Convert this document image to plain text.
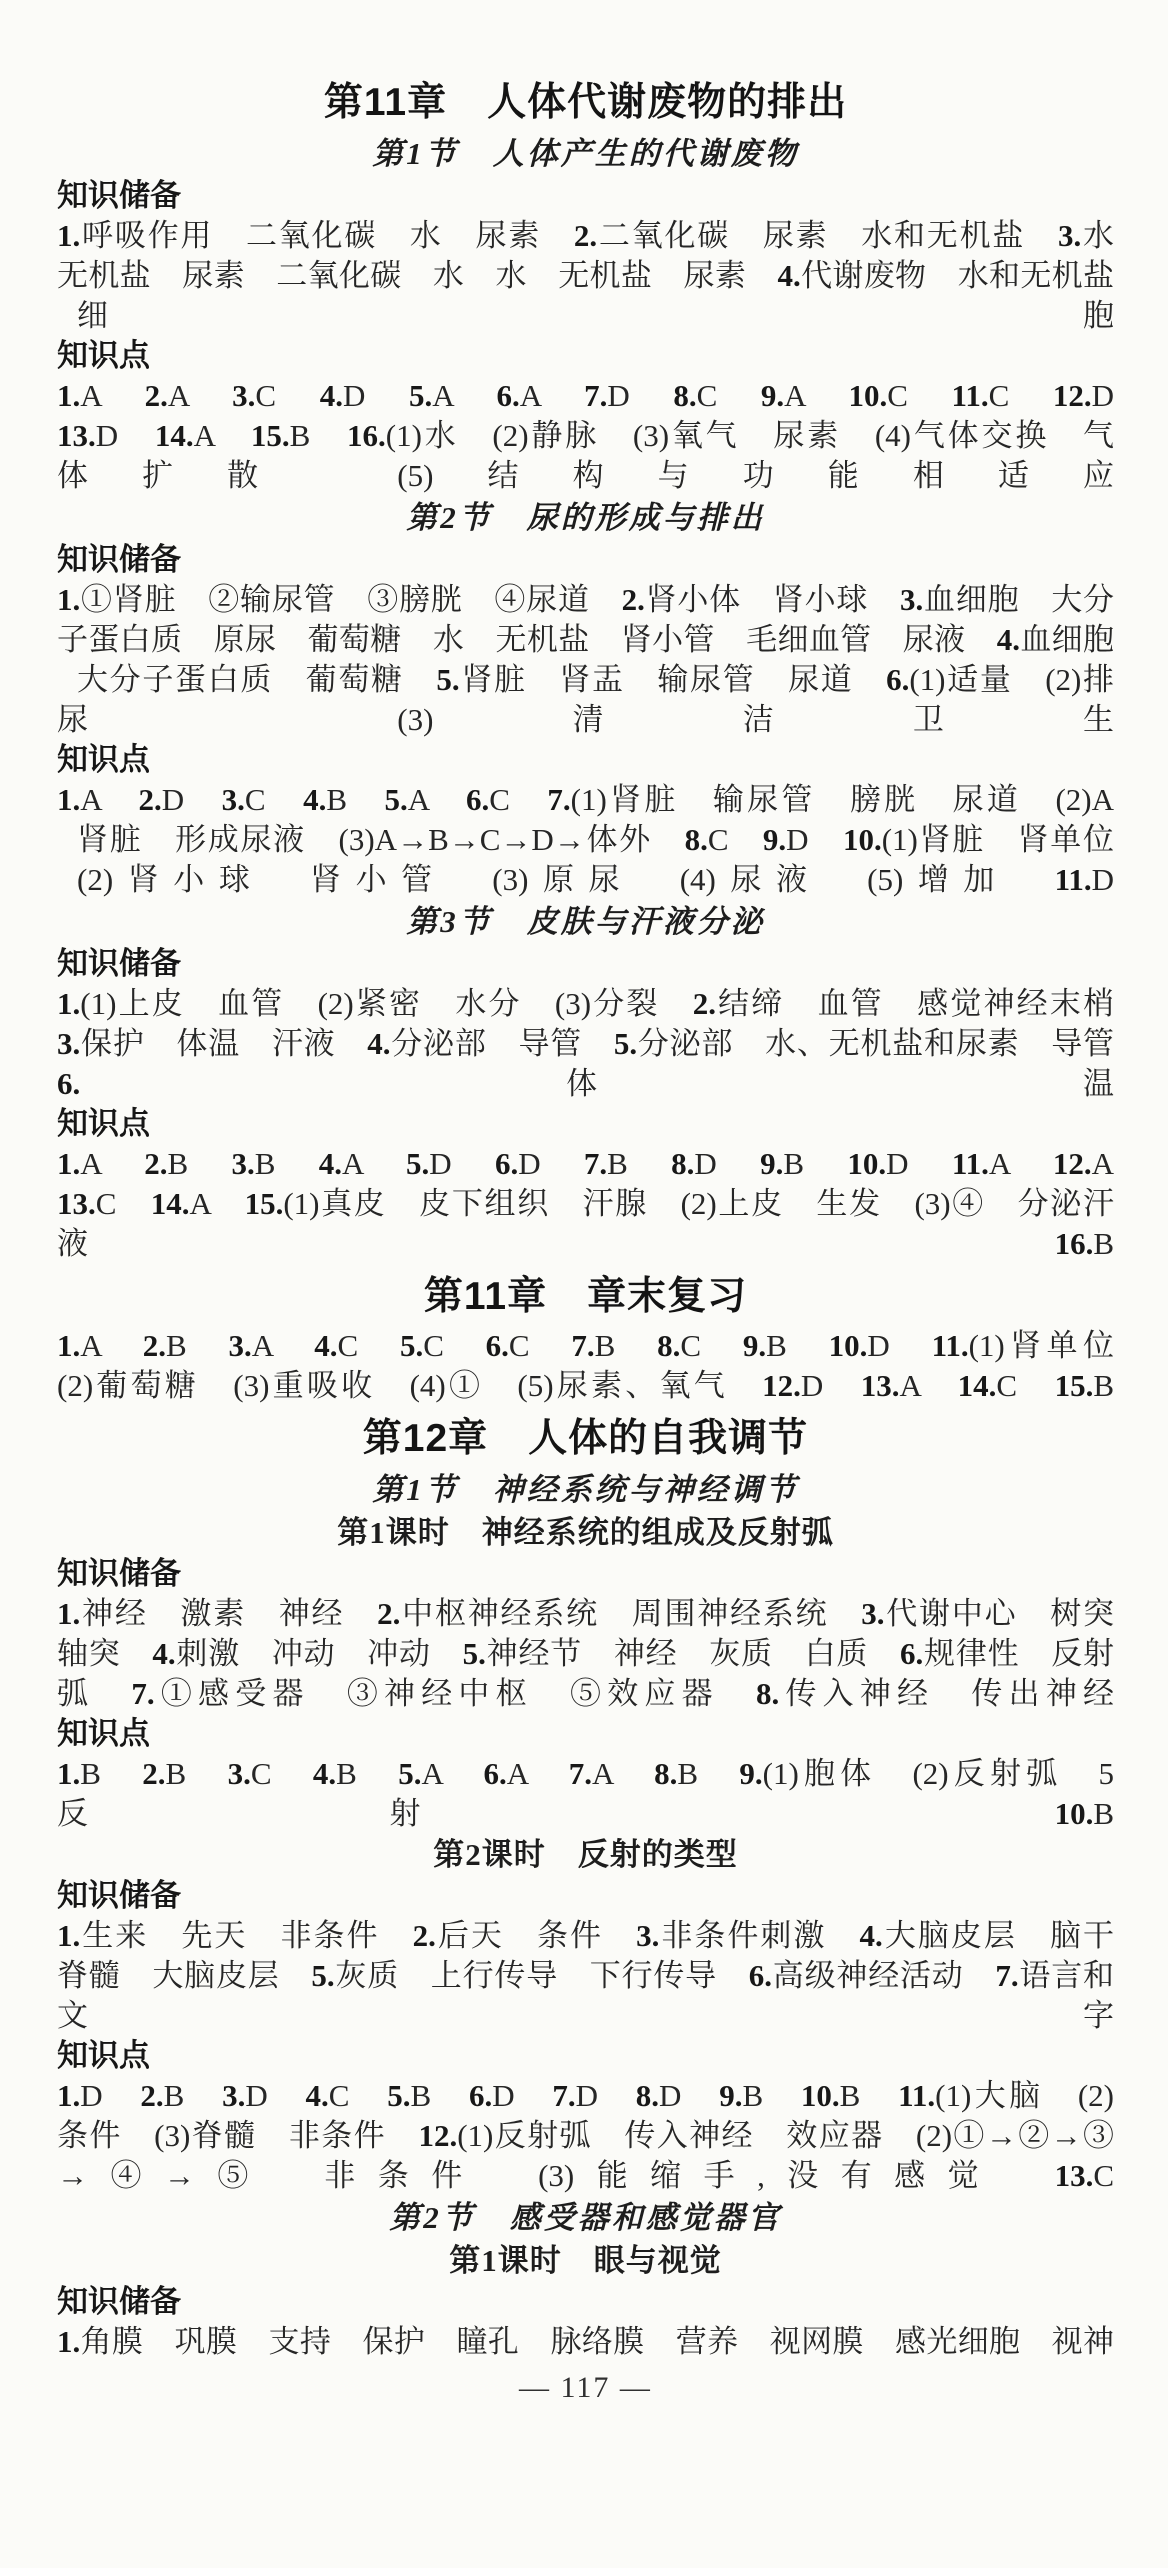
第11章　人体代谢废物的排出
第1节　人体产生的代谢废物
知识储备
1.呼吸作用　二氧化碳　水　尿素　2.二氧化碳　尿素　水和无机盐　3.水
无机盐　尿素　二氧化碳　水　水　无机盐　尿素　4.代谢废物　水和无机盐
细胞
知识点
1.A　2.A　3.C　4.D　5.A　6.A　7.D　8.C　9.A　10.C　11.C　12.D
13.D　14.A　15.B　16.(1)水　(2)静脉　(3)氧气　尿素　(4)气体交换　气
体扩散　(5)结构与功能相适应
第2节　尿的形成与排出
知识储备
1.①肾脏　②输尿管　③膀胱　④尿道　2.肾小体　肾小球　3.血细胞　大分
子蛋白质　原尿　葡萄糖　水　无机盐　肾小管　毛细血管　尿液　4.血细胞
大分子蛋白质　葡萄糖　5.肾脏　肾盂　输尿管　尿道　6.(1)适量　(2)排
尿　(3)清洁卫生
知识点
1.A　2.D　3.C　4.B　5.A　6.C　7.(1)肾脏　输尿管　膀胱　尿道　(2)A
肾脏　形成尿液　(3)A→B→C→D→体外　8.C　9.D　10.(1)肾脏　肾单位
(2)肾小球　肾小管　(3)原尿　(4)尿液　(5)增加　11.D
第3节　皮肤与汗液分泌
知识储备
1.(1)上皮　血管　(2)紧密　水分　(3)分裂　2.结缔　血管　感觉神经末梢
3.保护　体温　汗液　4.分泌部　导管　5.分泌部　水、无机盐和尿素　导管
6.体温
知识点
1.A　2.B　3.B　4.A　5.D　6.D　7.B　8.D　9.B　10.D　11.A　12.A
13.C　14.A　15.(1)真皮　皮下组织　汗腺　(2)上皮　生发　(3)④　分泌汗
液　16.B
第11章　章末复习
1.A　2.B　3.A　4.C　5.C　6.C　7.B　8.C　9.B　10.D　11.(1)肾单位
(2)葡萄糖　(3)重吸收　(4)①　(5)尿素、氧气　12.D　13.A　14.C　15.B
第12章　人体的自我调节
第1节　神经系统与神经调节
第1课时　神经系统的组成及反射弧
知识储备
1.神经　激素　神经　2.中枢神经系统　周围神经系统　3.代谢中心　树突
轴突　4.刺激　冲动　冲动　5.神经节　神经　灰质　白质　6.规律性　反射
弧　7.①感受器　③神经中枢　⑤效应器　8.传入神经　传出神经
知识点
1.B　2.B　3.C　4.B　5.A　6.A　7.A　8.B　9.(1)胞体　(2)反射弧　5
反射　10.B
第2课时　反射的类型
知识储备
1.生来　先天　非条件　2.后天　条件　3.非条件刺激　4.大脑皮层　脑干
脊髓　大脑皮层　5.灰质　上行传导　下行传导　6.高级神经活动　7.语言和
文字
知识点
1.D　2.B　3.D　4.C　5.B　6.D　7.D　8.D　9.B　10.B　11.(1)大脑　(2)
条件　(3)脊髓　非条件　12.(1)反射弧　传入神经　效应器　(2)①→②→③
→④→⑤　非条件　(3)能缩手,没有感觉　13.C
第2节　感受器和感觉器官
第1课时　眼与视觉
知识储备
1.角膜　巩膜　支持　保护　瞳孔　脉络膜　营养　视网膜　感光细胞　视神
— 117 —
